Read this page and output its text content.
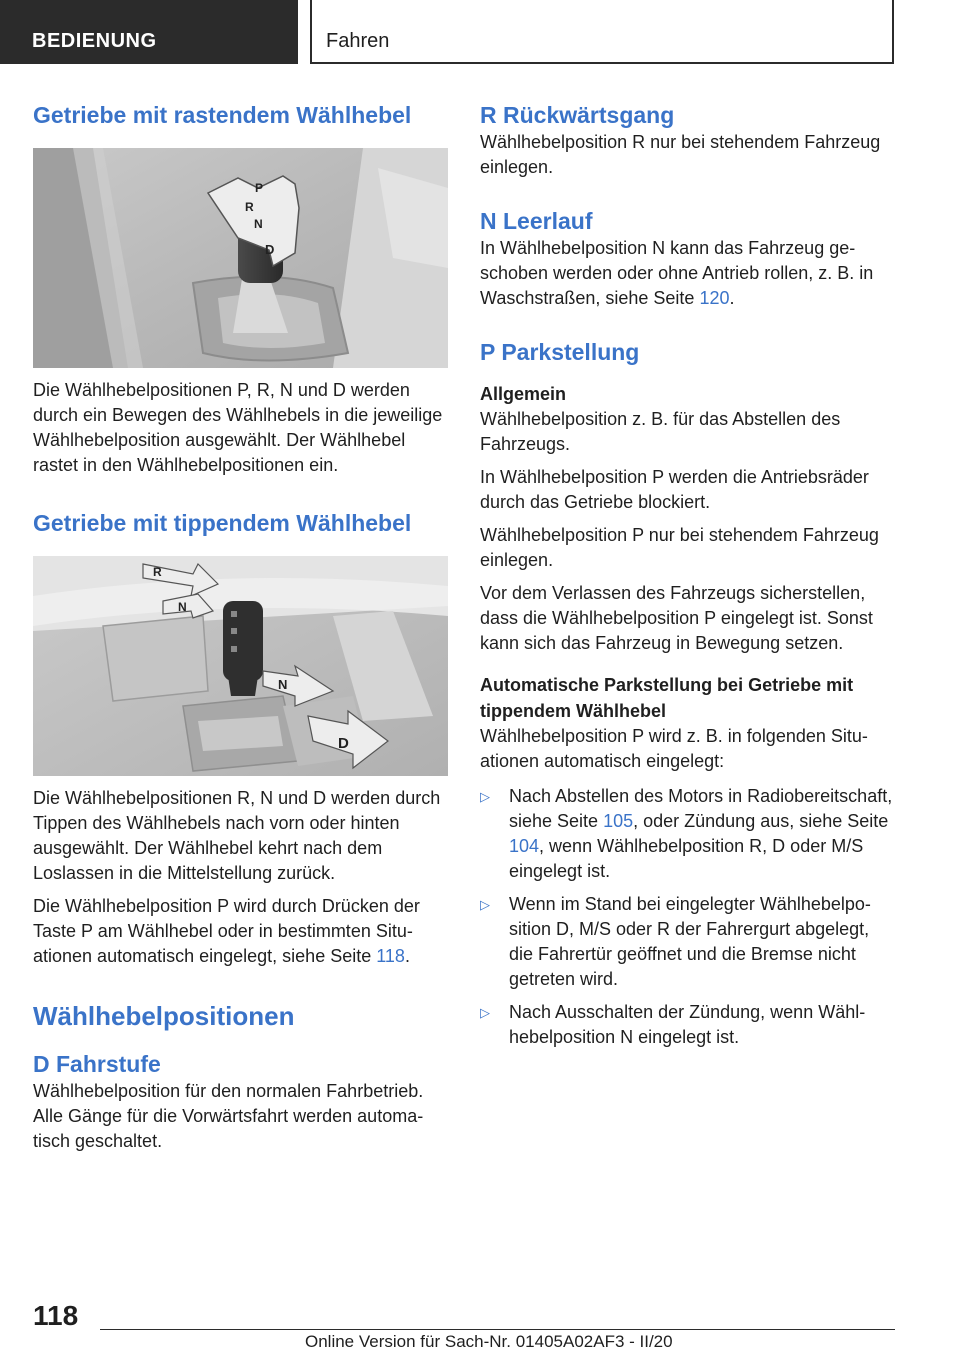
BEDIENUNG	Fahren
Getriebe mit rastendem Wählhebel
P
R
N
D

Die Wählhebelpositionen P, R, N und D werden durch ein Bewegen des Wählhebels in die jeweilige Wählhebelposition ausgewählt. Der Wählhebel rastet in den Wählhebelpositionen ein.

Getriebe mit tippendem Wählhebel
R
N
N
D

Die Wählhebelpositionen R, N und D werden durch Tippen des Wählhebels nach vorn oder hinten ausgewählt. Der Wählhebel kehrt nach dem Loslassen in die Mittelstellung zurück.

Die Wählhebelposition P wird durch Drücken der Taste P am Wählhebel oder in bestimmten Situationen automatisch eingelegt, siehe Seite 118.

Wählhebelpositionen
D Fahrstufe

Wählhebelposition für den normalen Fahrbetrieb. Alle Gänge für die Vorwärtsfahrt werden automatisch geschaltet.

R Rückwärtsgang

Wählhebelposition R nur bei stehendem Fahrzeug einlegen.

N Leerlauf

In Wählhebelposition N kann das Fahrzeug geschoben werden oder ohne Antrieb rollen, z. B. in Waschstraßen, siehe Seite 120.

P Parkstellung
Allgemein

Wählhebelposition z. B. für das Abstellen des Fahrzeugs.

In Wählhebelposition P werden die Antriebsräder durch das Getriebe blockiert.

Wählhebelposition P nur bei stehendem Fahrzeug einlegen.

Vor dem Verlassen des Fahrzeugs sicherstellen, dass die Wählhebelposition P eingelegt ist. Sonst kann sich das Fahrzeug in Bewegung setzen.

Automatische Parkstellung bei Getriebe mit tippendem Wählhebel

Wählhebelposition P wird z. B. in folgenden Situationen automatisch eingelegt:

▷ Nach Abstellen des Motors in Radiobereitschaft, siehe Seite 105, oder Zündung aus, siehe Seite 104, wenn Wählhebelposition R, D oder M/S eingelegt ist.
▷ Wenn im Stand bei eingelegter Wählhebelposition D, M/S oder R der Fahrergurt abgelegt, die Fahrertür geöffnet und die Bremse nicht getreten wird.
▷ Nach Ausschalten der Zündung, wenn Wählhebelposition N eingelegt ist.
118
Online Version für Sach-Nr. 01405A02AF3 - II/20
